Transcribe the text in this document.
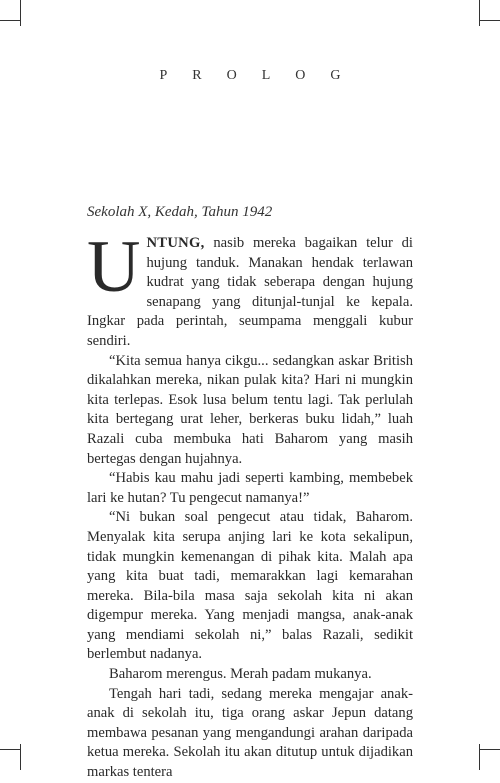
PROLOG
Sekolah X, Kedah, Tahun 1942

UNTUNG, nasib mereka bagaikan telur di hujung tanduk. Manakan hendak terlawan kudrat yang tidak seberapa dengan hujung senapang yang ditunjal-tunjal ke kepala. Ingkar pada perintah, seumpama menggali kubur sendiri.

“Kita semua hanya cikgu... sedangkan askar British dikalahkan mereka, nikan pulak kita? Hari ni mungkin kita terlepas. Esok lusa belum tentu lagi. Tak perlulah kita bertegang urat leher, berkeras buku lidah,” luah Razali cuba membuka hati Baharom yang masih bertegas dengan hujahnya.

“Habis kau mahu jadi seperti kambing, membebek lari ke hutan? Tu pengecut namanya!”

“Ni bukan soal pengecut atau tidak, Baharom. Menyalak kita serupa anjing lari ke kota sekalipun, tidak mungkin kemenangan di pihak kita. Malah apa yang kita buat tadi, memarakkan lagi kemarahan mereka. Bila-bila masa saja sekolah kita ni akan digempur mereka. Yang menjadi mangsa, anak-anak yang mendiami sekolah ni,” balas Razali, sedikit berlembut nadanya.

Baharom merengus. Merah padam mukanya.

Tengah hari tadi, sedang mereka mengajar anak-anak di sekolah itu, tiga orang askar Jepun datang membawa pesanan yang mengandungi arahan daripada ketua mereka. Sekolah itu akan ditutup untuk dijadikan markas tentera
